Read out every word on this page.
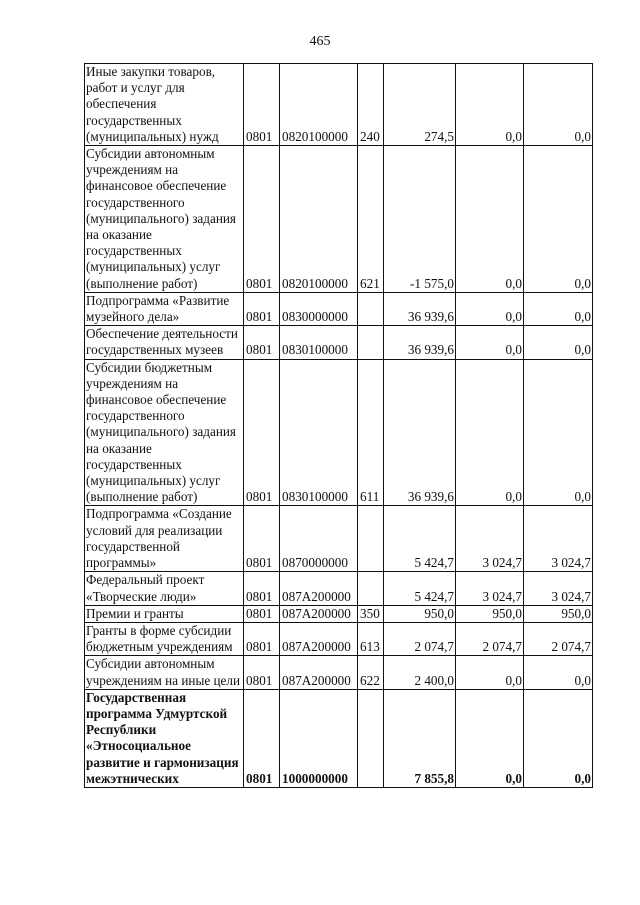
465
Иные закупки товаров, работ и услуг для обеспечения государственных (муниципальных) нужд	0801	0820100000	240	274,5	0,0	0,0
Субсидии автономным учреждениям на финансовое обеспечение государственного (муниципального) задания на оказание государственных (муниципальных) услуг (выполнение работ)	0801	0820100000	621	-1 575,0	0,0	0,0
Подпрограмма «Развитие музейного дела»	0801	0830000000		36 939,6	0,0	0,0
Обеспечение деятельности государственных музеев	0801	0830100000		36 939,6	0,0	0,0
Субсидии бюджетным учреждениям на финансовое обеспечение государственного (муниципального) задания на оказание государственных (муниципальных) услуг (выполнение работ)	0801	0830100000	611	36 939,6	0,0	0,0
Подпрограмма «Создание условий для реализации государственной программы»	0801	0870000000		5 424,7	3 024,7	3 024,7
Федеральный проект «Творческие люди»	0801	087A200000		5 424,7	3 024,7	3 024,7
Премии и гранты	0801	087A200000	350	950,0	950,0	950,0
Гранты в форме субсидии бюджетным учреждениям	0801	087A200000	613	2 074,7	2 074,7	2 074,7
Субсидии автономным учреждениям на иные цели	0801	087A200000	622	2 400,0	0,0	0,0
Государственная программа Удмуртской Республики «Этносоциальное развитие и гармонизация межэтнических	0801	1000000000		7 855,8	0,0	0,0
